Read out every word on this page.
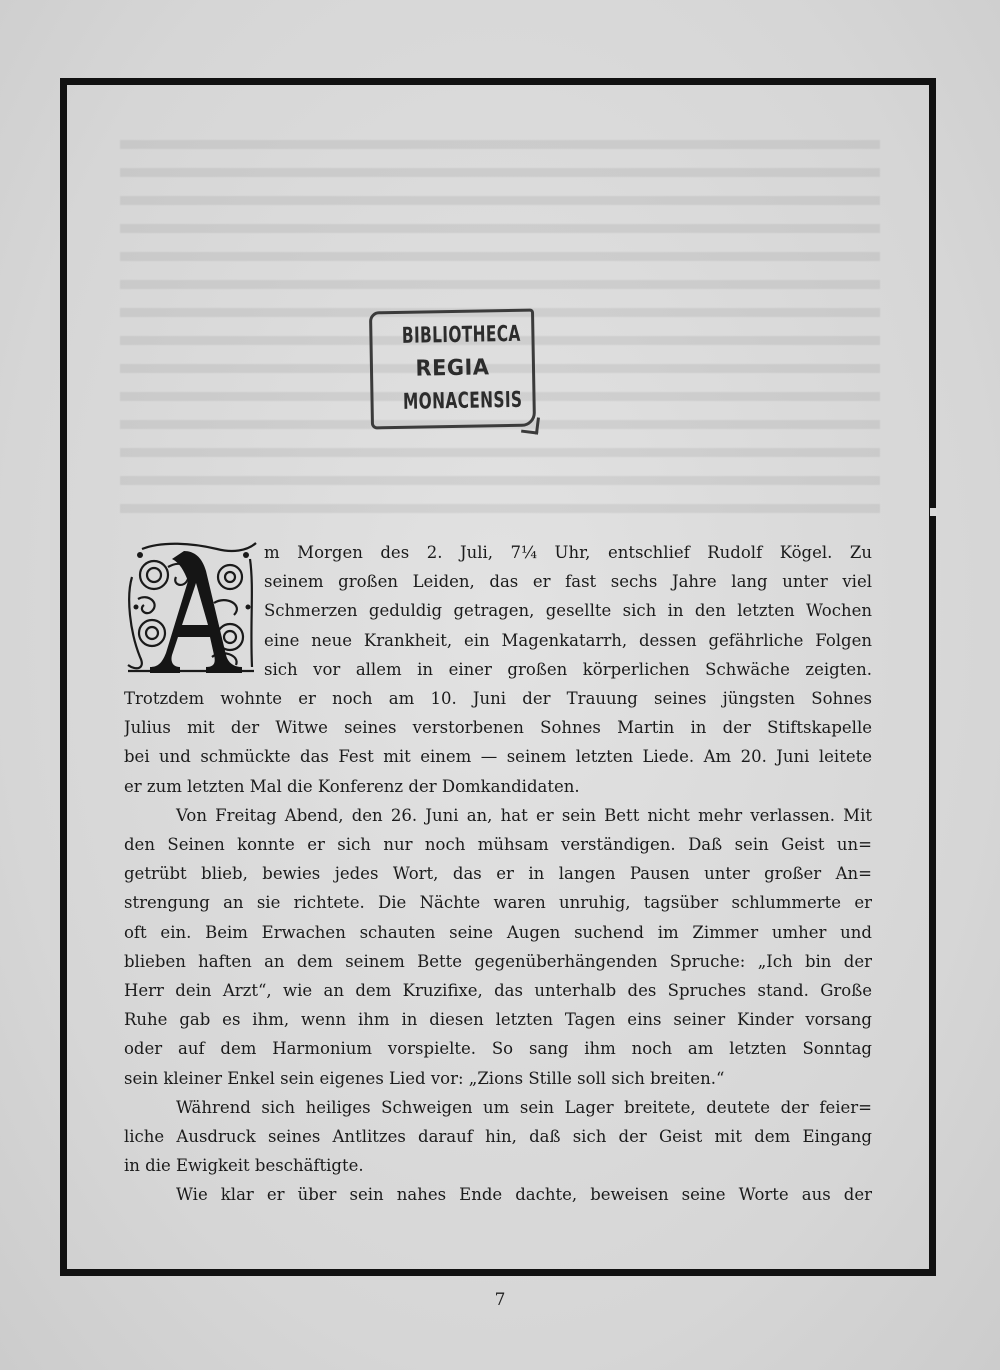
BIBLIOTHECA
REGIA
MONACENSIS
m Morgen des 2. Juli, 7¼ Uhr, entschlief Rudolf Kögel. Zu
seinem großen Leiden, das er fast sechs Jahre lang unter viel
Schmerzen geduldig getragen, gesellte sich in den letzten Wochen
eine neue Krankheit, ein Magenkatarrh, dessen gefährliche Folgen
sich vor allem in einer großen körperlichen Schwäche zeigten.
Trotzdem wohnte er noch am 10. Juni der Trauung seines jüngsten Sohnes
Julius mit der Witwe seines verstorbenen Sohnes Martin in der Stiftskapelle
bei und schmückte das Fest mit einem — seinem letzten Liede. Am 20. Juni leitete
er zum letzten Mal die Konferenz der Domkandidaten.
Von Freitag Abend, den 26. Juni an, hat er sein Bett nicht mehr verlassen. Mit
den Seinen konnte er sich nur noch mühsam verständigen. Daß sein Geist un=
getrübt blieb, bewies jedes Wort, das er in langen Pausen unter großer An=
strengung an sie richtete. Die Nächte waren unruhig, tagsüber schlummerte er
oft ein. Beim Erwachen schauten seine Augen suchend im Zimmer umher und
blieben haften an dem seinem Bette gegenüberhängenden Spruche: „Ich bin der
Herr dein Arzt“, wie an dem Kruzifixe, das unterhalb des Spruches stand. Große
Ruhe gab es ihm, wenn ihm in diesen letzten Tagen eins seiner Kinder vorsang
oder auf dem Harmonium vorspielte. So sang ihm noch am letzten Sonntag
sein kleiner Enkel sein eigenes Lied vor: „Zions Stille soll sich breiten.“
Während sich heiliges Schweigen um sein Lager breitete, deutete der feier=
liche Ausdruck seines Antlitzes darauf hin, daß sich der Geist mit dem Eingang
in die Ewigkeit beschäftigte.
Wie klar er über sein nahes Ende dachte, beweisen seine Worte aus der
7
